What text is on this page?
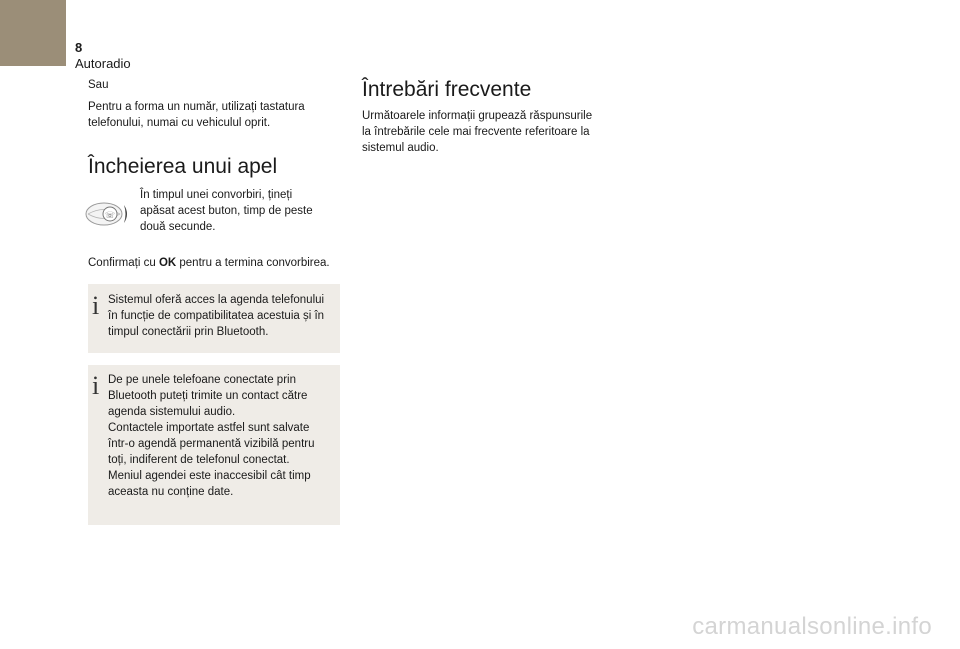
8
Autoradio
Sau
Pentru a forma un număr, utilizați tastatura
telefonului, numai cu vehiculul oprit.
Încheierea unui apel
☏
În timpul unei convorbiri, țineți
apăsat acest buton, timp de peste
două secunde.
Confirmați cu OK pentru a termina convorbirea.
i Sistemul oferă acces la agenda telefonului
în funcție de compatibilitatea acestuia și în
timpul conectării prin Bluetooth.
i De pe unele telefoane conectate prin
Bluetooth puteți trimite un contact către
agenda sistemului audio.
Contactele importate astfel sunt salvate
într-o agendă permanentă vizibilă pentru
toți, indiferent de telefonul conectat.
Meniul agendei este inaccesibil cât timp
aceasta nu conține date.
Întrebări frecvente
Următoarele informații grupează răspunsurile
la întrebările cele mai frecvente referitoare la
sistemul audio.
carmanualsonline.info
